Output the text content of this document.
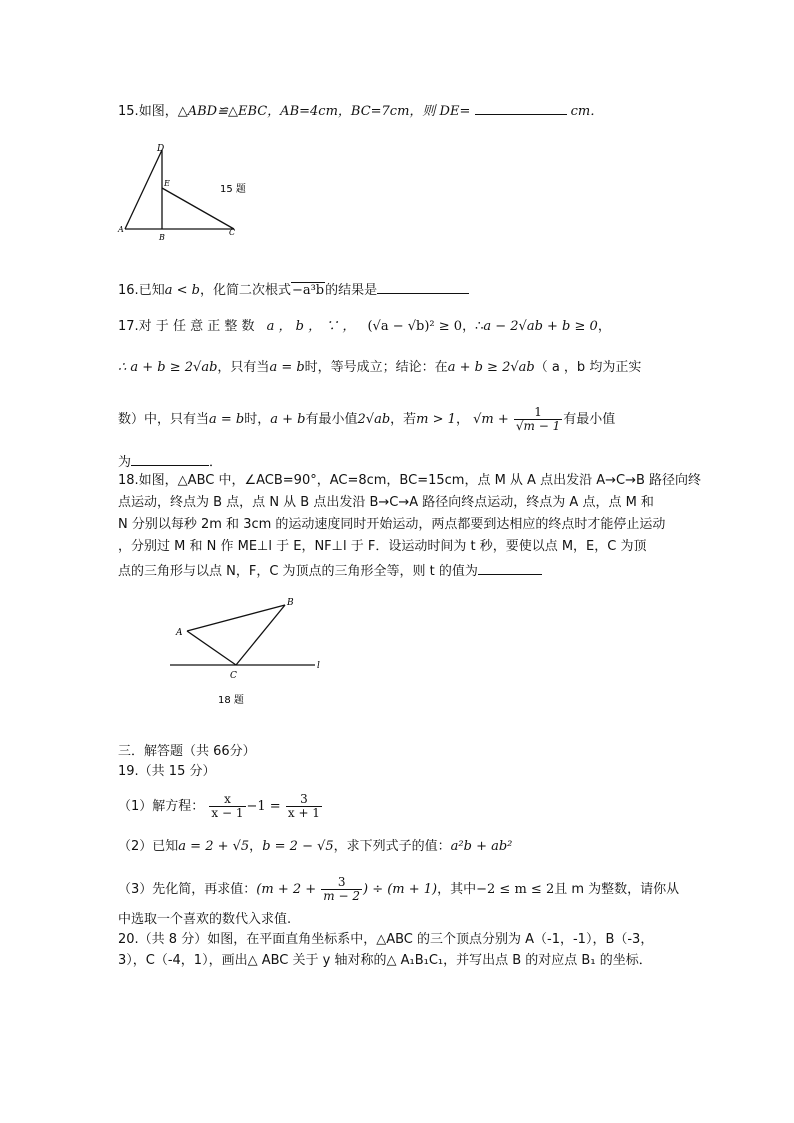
15.如图，△ABD≌△EBC，AB=4cm，BC=7cm，则 DE=	cm．
D
E
A
B
C
15 题
16.已知a < b，化简二次根式−a³b的结果是
17.对 于 任 意 正 整 数 a ， b ， ∵ ， (√a − √b)² ≥ 0，∴a − 2√ab + b ≥ 0，
∴ a + b ≥ 2√ab，只有当a = b时，等号成立；结论：在a + b ≥ 2√ab（ a ，b 均为正实
数）中，只有当a = b时，a + b有最小值2√ab，若m > 1， $√m + \frac{1}{√m - 1}$ 有最小值
为	．
18.如图，△ABC 中，∠ACB=90°，AC=8cm，BC=15cm，点 M 从 A 点出发沿 A→C→B 路径向终
点运动，终点为 B 点，点 N 从 B 点出发沿 B→C→A 路径向终点运动，终点为 A 点，点 M 和
N 分别以每秒 2m 和 3cm 的运动速度同时开始运动，两点都要到达相应的终点时才能停止运动
，分别过 M 和 N 作 ME⊥l 于 E，NF⊥l 于 F．设运动时间为 t 秒，要使以点 M，E，C 为顶
点的三角形与以点 N，F，C 为顶点的三角形全等，则 t 的值为
B
A
C
l
18 题
三．解答题（共 66分）
19.（共 15 分）
（1）解方程： $\frac{x}{x - 1} -1 = \frac{3}{x + 1}$
（2）已知a = 2 + √5，b = 2 − √5，求下列式子的值：a²b + ab²
（3）先化简，再求值：($m + 2 + \frac{3}{m - 2}$ ) ÷ (m + 1)，其中−2 ≤ m ≤ 2且 m 为整数，请你从
中选取一个喜欢的数代入求值.
20.（共 8 分）如图，在平面直角坐标系中，△ABC 的三个顶点分别为 A（-1，-1），B（-3，
3），C（-4，1），画出△ ABC 关于 y 轴对称的△ A₁B₁C₁，并写出点 B 的对应点 B₁ 的坐标．
